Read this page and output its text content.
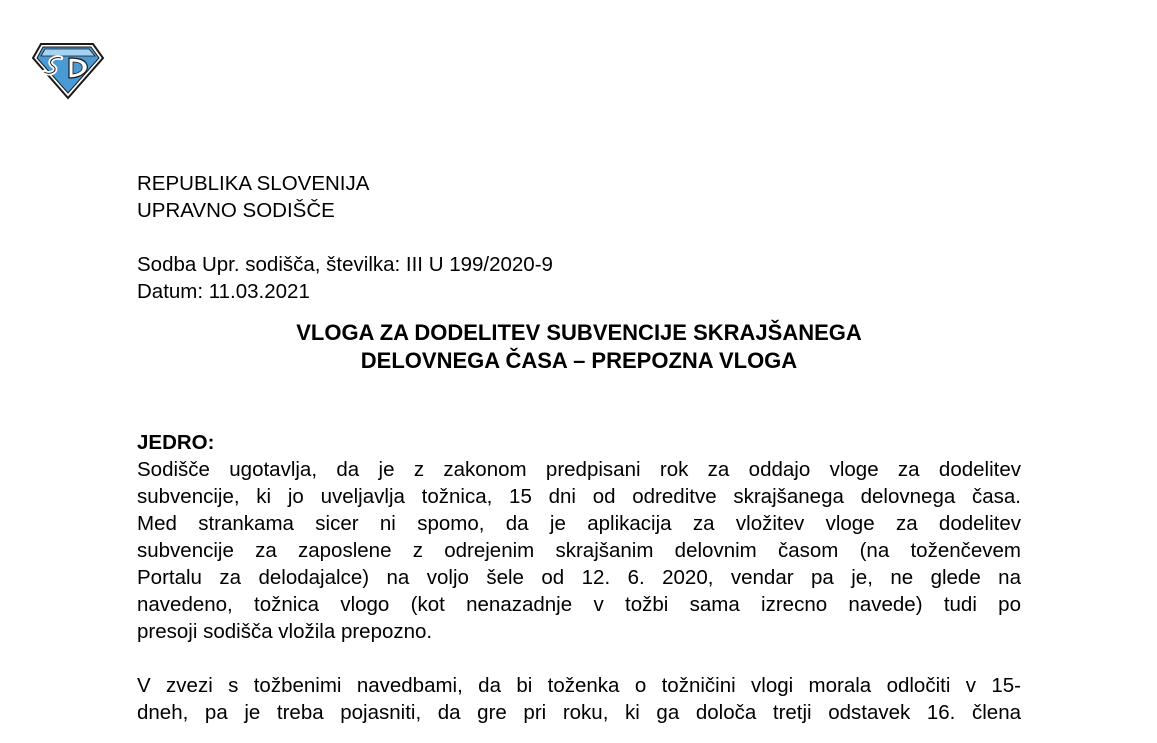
REPUBLIKA SLOVENIJA
UPRAVNO SODIŠČE
Sodba Upr. sodišča, številka: III U 199/2020-9
Datum: 11.03.2021
VLOGA ZA DODELITEV SUBVENCIJE SKRAJŠANEGA
DELOVNEGA ČASA – PREPOZNA VLOGA
JEDRO:
Sodišče ugotavlja, da je z zakonom predpisani rok za oddajo vloge za dodelitev
subvencije, ki jo uveljavlja tožnica, 15 dni od odreditve skrajšanega delovnega časa.
Med strankama sicer ni spomo, da je aplikacija za vložitev vloge za dodelitev
subvencije za zaposlene z odrejenim skrajšanim delovnim časom (na toženčevem
Portalu za delodajalce) na voljo šele od 12. 6. 2020, vendar pa je, ne glede na
navedeno, tožnica vlogo (kot nenazadnje v tožbi sama izrecno navede) tudi po
presoji sodišča vložila prepozno.
V zvezi s tožbenimi navedbami, da bi toženka o tožničini vlogi morala odločiti v 15-
dneh, pa je treba pojasniti, da gre pri roku, ki ga določa tretji odstavek 16. člena
